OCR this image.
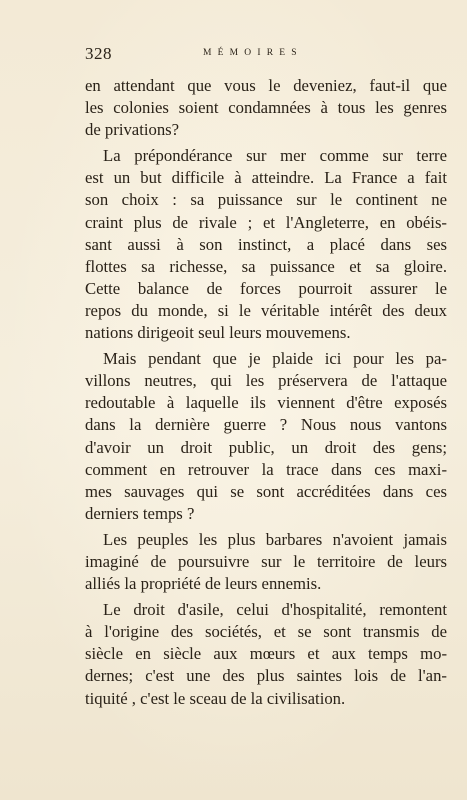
328	MÉMOIRES

en attendant que vous le deveniez, faut-il que
les colonies soient condamnées à tous les genres
de privations?

La prépondérance sur mer comme sur terre
est un but difficile à atteindre. La France a fait
son choix : sa puissance sur le continent ne
craint plus de rivale ; et l'Angleterre, en obéis-
sant aussi à son instinct, a placé dans ses
flottes sa richesse, sa puissance et sa gloire.
Cette balance de forces pourroit assurer le
repos du monde, si le véritable intérêt des deux
nations dirigeoit seul leurs mouvemens.

Mais pendant que je plaide ici pour les pa-
villons neutres, qui les préservera de l'attaque
redoutable à laquelle ils viennent d'être exposés
dans la dernière guerre ? Nous nous vantons
d'avoir un droit public, un droit des gens;
comment en retrouver la trace dans ces maxi-
mes sauvages qui se sont accréditées dans ces
derniers temps ?

Les peuples les plus barbares n'avoient jamais
imaginé de poursuivre sur le territoire de leurs
alliés la propriété de leurs ennemis.

Le droit d'asile, celui d'hospitalité, remontent
à l'origine des sociétés, et se sont transmis de
siècle en siècle aux mœurs et aux temps mo-
dernes; c'est une des plus saintes lois de l'an-
tiquité , c'est le sceau de la civilisation.
